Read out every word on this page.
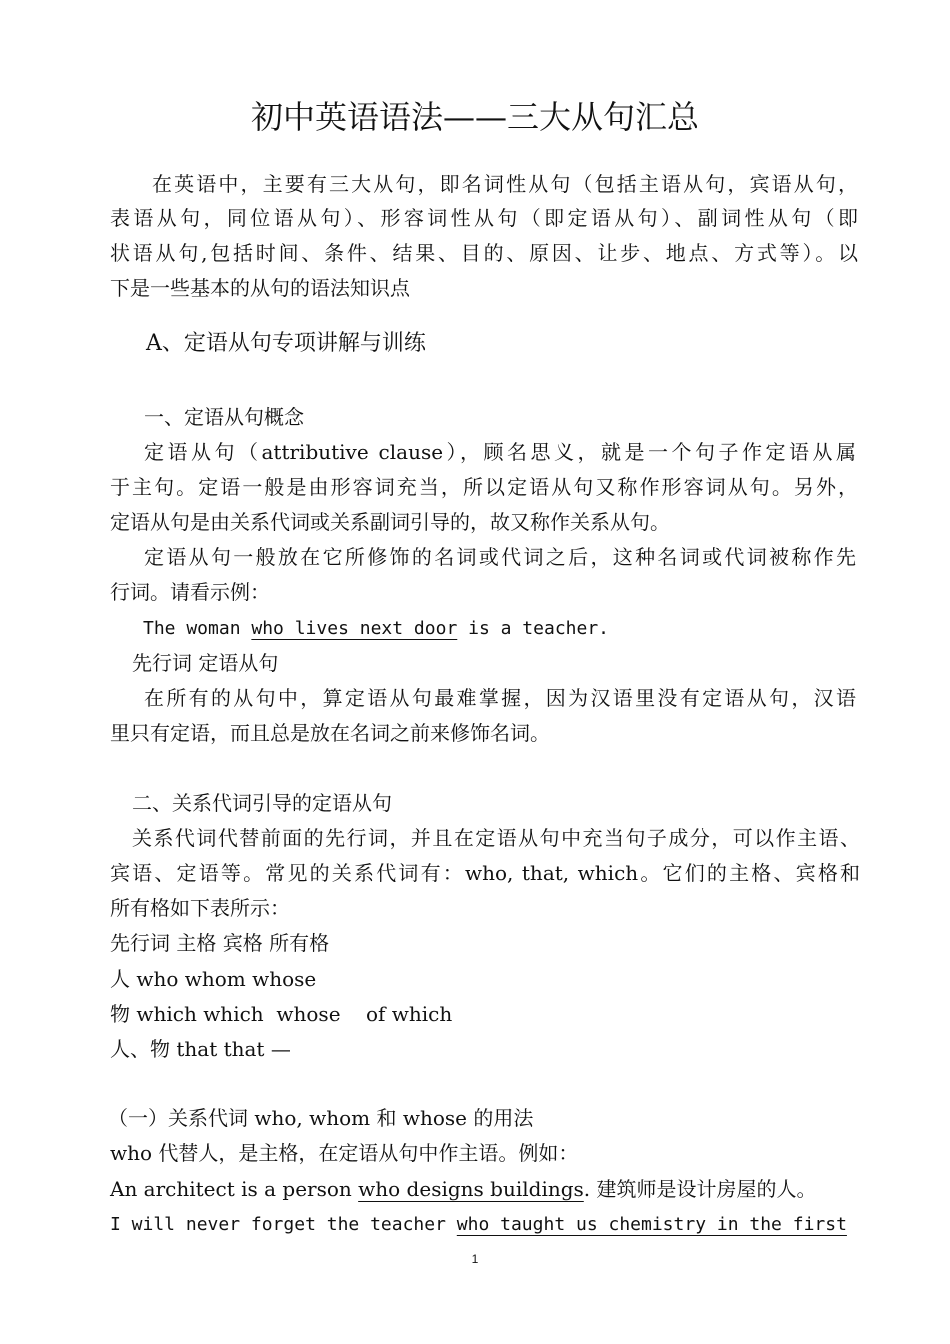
初中英语语法——三大从句汇总
在英语中，主要有三大从句，即名词性从句（包括主语从句，宾语从句，
表语从句，同位语从句）、形容词性从句（即定语从句）、副词性从句（即
状语从句,包括时间、条件、结果、目的、原因、让步、地点、方式等）。以
下是一些基本的从句的语法知识点
A、定语从句专项讲解与训练
一、定语从句概念
定语从句（attributive clause），顾名思义，就是一个句子作定语从属
于主句。定语一般是由形容词充当，所以定语从句又称作形容词从句。另外，
定语从句是由关系代词或关系副词引导的，故又称作关系从句。
定语从句一般放在它所修饰的名词或代词之后，这种名词或代词被称作先
行词。请看示例：
The woman who lives next door is a teacher.
先行词 定语从句
在所有的从句中，算定语从句最难掌握，因为汉语里没有定语从句，汉语
里只有定语，而且总是放在名词之前来修饰名词。
二、关系代词引导的定语从句
关系代词代替前面的先行词，并且在定语从句中充当句子成分，可以作主语、
宾语、定语等。常见的关系代词有：who, that, which。它们的主格、宾格和
所有格如下表所示：
先行词 主格 宾格 所有格
人 who whom whose
物 which which  whose    of which
人、物 that that —
（一）关系代词 who, whom 和 whose 的用法
who 代替人，是主格，在定语从句中作主语。例如：
An architect is a person who designs buildings. 建筑师是设计房屋的人。
I will never forget the teacher who taught us chemistry in the first
1
